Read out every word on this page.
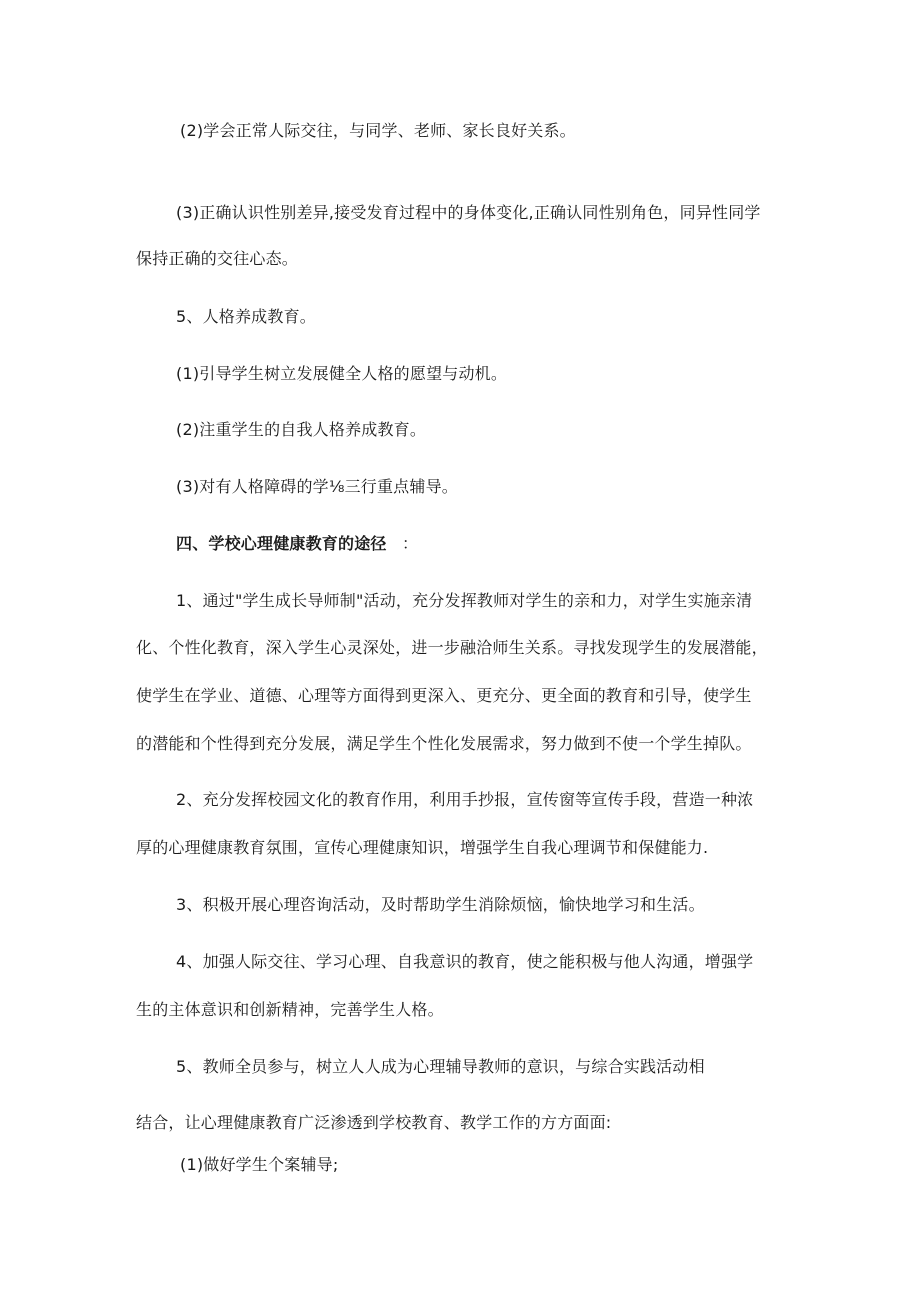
(2)学会正常人际交往，与同学、老师、家长良好关系。
(3)正确认识性别差异,接受发育过程中的身体变化,正确认同性别角色，同异性同学
保持正确的交往心态。
5、人格养成教育。
(1)引导学生树立发展健全人格的愿望与动机。
(2)注重学生的自我人格养成教育。
(3)对有人格障碍的学⅛三行重点辅导。
四、学校心理健康教育的途径 ：
1、通过"学生成长导师制"活动，充分发挥教师对学生的亲和力，对学生实施亲清
化、个性化教育，深入学生心灵深处，进一步融洽师生关系。寻找发现学生的发展潜能，
使学生在学业、道德、心理等方面得到更深入、更充分、更全面的教育和引导，使学生
的潜能和个性得到充分发展，满足学生个性化发展需求，努力做到不使一个学生掉队。
2、充分发挥校园文化的教育作用，利用手抄报，宣传窗等宣传手段，营造一种浓
厚的心理健康教育氛围，宣传心理健康知识，增强学生自我心理调节和保健能力.
3、积极开展心理咨询活动，及时帮助学生消除烦恼，愉快地学习和生活。
4、加强人际交往、学习心理、自我意识的教育，使之能积极与他人沟通，增强学
生的主体意识和创新精神，完善学生人格。
5、教师全员参与，树立人人成为心理辅导教师的意识，与综合实践活动相
结合，让心理健康教育广泛渗透到学校教育、教学工作的方方面面:
(1)做好学生个案辅导;
